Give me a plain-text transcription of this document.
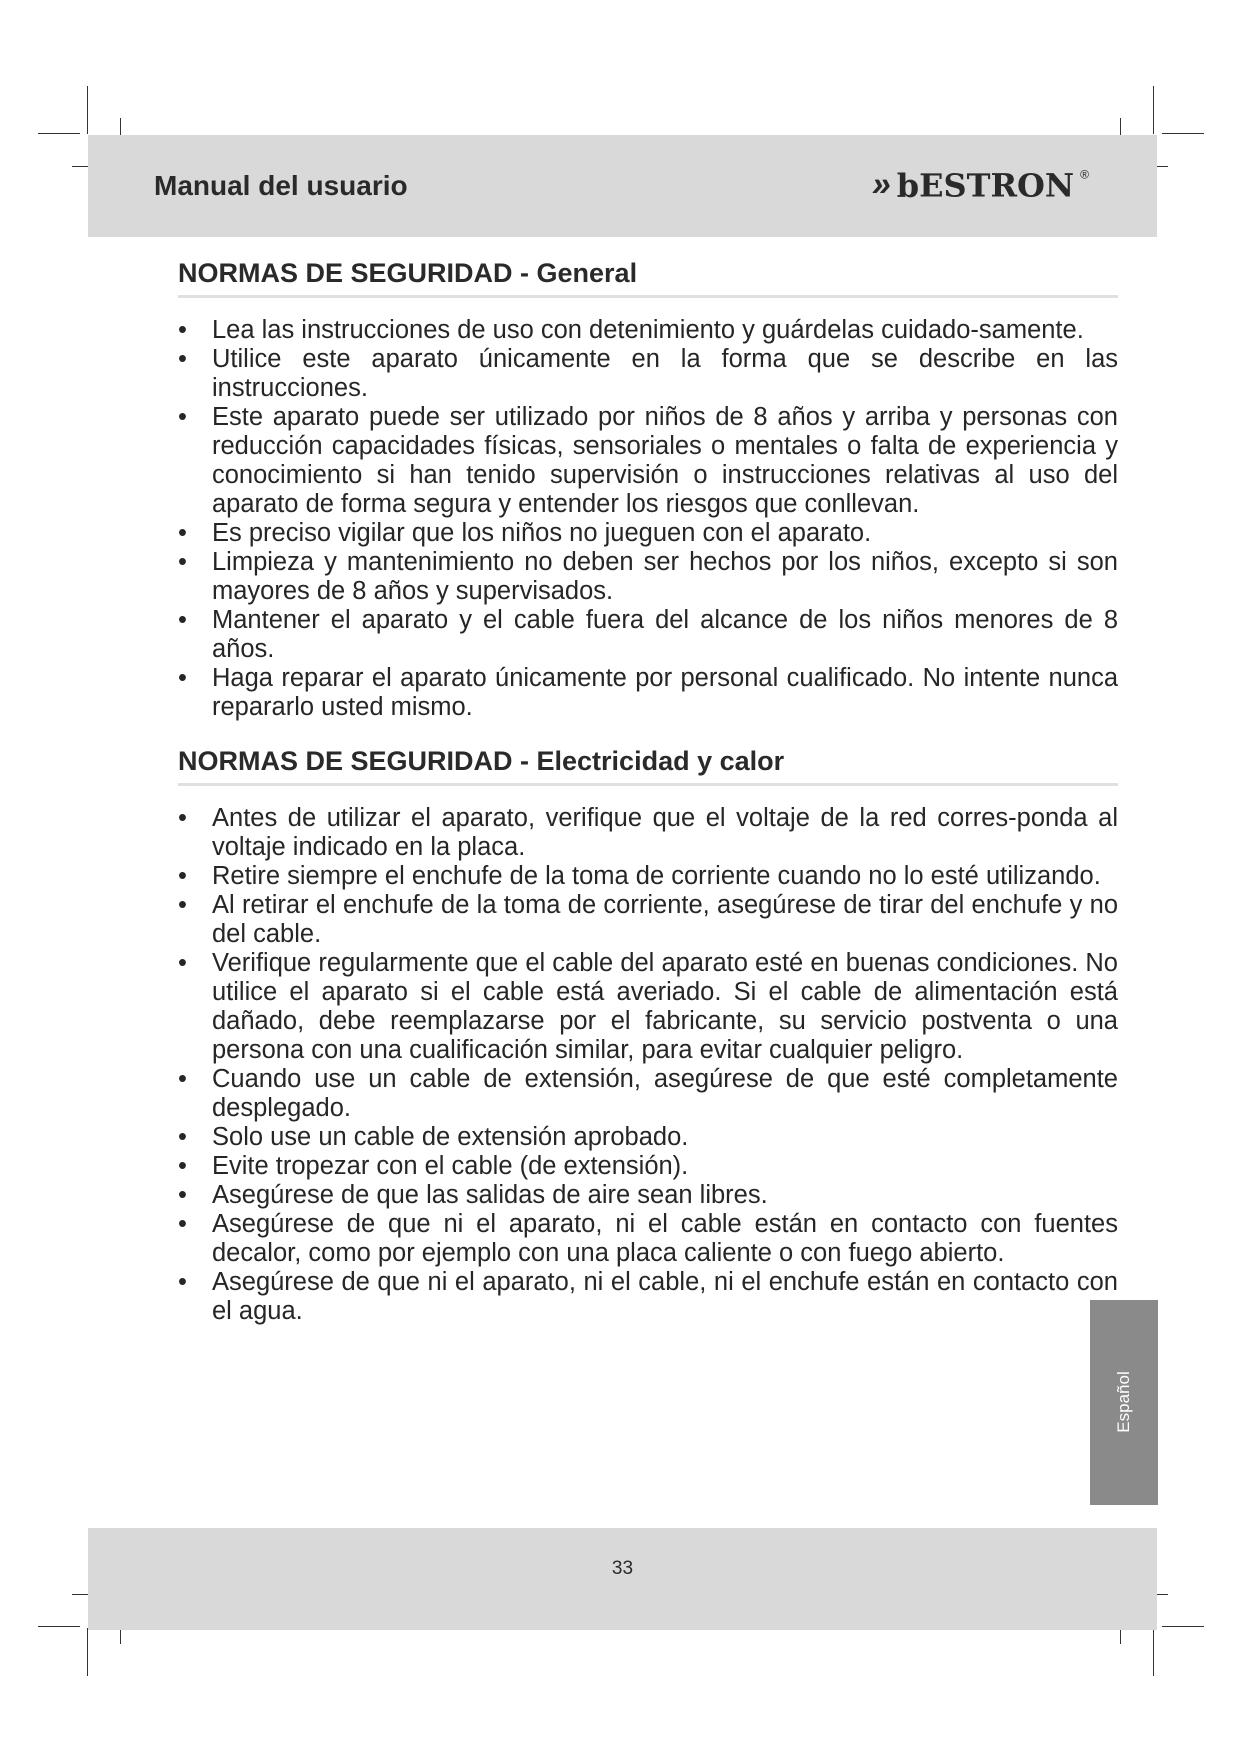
Manual del usuario	» bESTRON ®
NORMAS DE SEGURIDAD - General
• Lea las instrucciones de uso con detenimiento y guárdelas cuidado-samente.
• Utilice este aparato únicamente en la forma que se describe en las instrucciones.
• Este aparato puede ser utilizado por niños de 8 años y arriba y personas con reducción capacidades físicas, sensoriales o mentales o falta de experiencia y conocimiento si han tenido supervisión o instrucciones relativas al uso del aparato de forma segura y entender los riesgos que conllevan.
• Es preciso vigilar que los niños no jueguen con el aparato.
• Limpieza y mantenimiento no deben ser hechos por los niños, excepto si son mayores de 8 años y supervisados.
• Mantener el aparato y el cable fuera del alcance de los niños menores de 8 años.
• Haga reparar el aparato únicamente por personal cualificado. No intente nunca repararlo usted mismo.
NORMAS DE SEGURIDAD - Electricidad y calor
• Antes de utilizar el aparato, verifique que el voltaje de la red corres-ponda al voltaje indicado en la placa.
• Retire siempre el enchufe de la toma de corriente cuando no lo esté utilizando.
• Al retirar el enchufe de la toma de corriente, asegúrese de tirar del enchufe y no del cable.
• Verifique regularmente que el cable del aparato esté en buenas condiciones. No utilice el aparato si el cable está averiado. Si el cable de alimentación está dañado, debe reemplazarse por el fabricante, su servicio postventa o una persona con una cualificación similar, para evitar cualquier peligro.
• Cuando use un cable de extensión, asegúrese de que esté completamente desplegado.
• Solo use un cable de extensión aprobado.
• Evite tropezar con el cable (de extensión).
• Asegúrese de que las salidas de aire sean libres.
• Asegúrese de que ni el aparato, ni el cable están en contacto con fuentes decalor, como por ejemplo con una placa caliente o con fuego abierto.
• Asegúrese de que ni el aparato, ni el cable, ni el enchufe están en contacto con el agua.
Español
33
